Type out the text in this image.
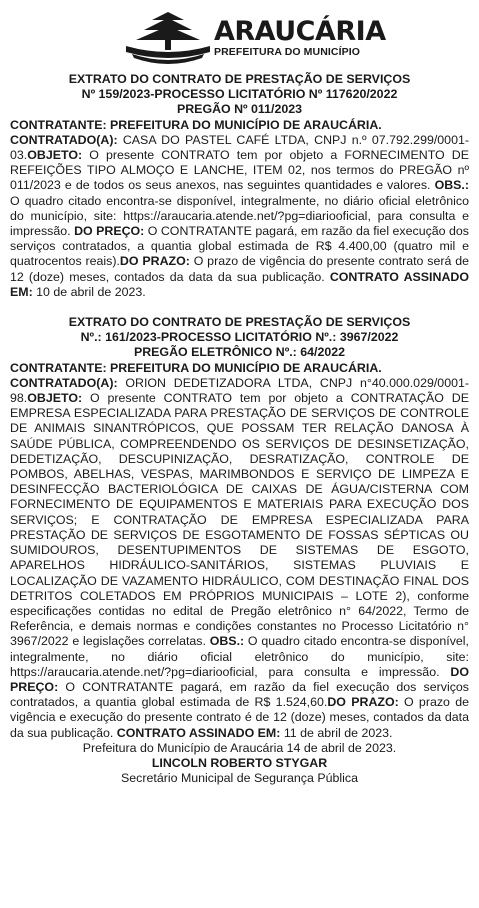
ARAUCÁRIA
PREFEITURA DO MUNICÍPIO

EXTRATO DO CONTRATO DE PRESTAÇÃO DE SERVIÇOS

Nº 159/2023-PROCESSO LICITATÓRIO Nº 117620/2022

PREGÃO Nº 011/2023

CONTRATANTE: PREFEITURA DO MUNICÍPIO DE ARAUCÁRIA.

CONTRATADO(A): CASA DO PASTEL CAFÉ LTDA, CNPJ n.º 07.792.299/0001-03.OBJETO: O presente CONTRATO tem por objeto a FORNECIMENTO DE REFEIÇÕES TIPO ALMOÇO E LANCHE, ITEM 02, nos termos do PREGÃO nº 011/2023 e de todos os seus anexos, nas seguintes quantidades e valores. OBS.: O quadro citado encontra-se disponível, integralmente, no diário oficial eletrônico do município, site: https://araucaria.atende.net/?pg=diariooficial, para consulta e impressão. DO PREÇO: O CONTRATANTE pagará, em razão da fiel execução dos serviços contratados, a quantia global estimada de R$ 4.400,00 (quatro mil e quatrocentos reais).DO PRAZO: O prazo de vigência do presente contrato será de 12 (doze) meses, contados da data da sua publicação. CONTRATO ASSINADO EM: 10 de abril de 2023.

EXTRATO DO CONTRATO DE PRESTAÇÃO DE SERVIÇOS

Nº.: 161/2023-PROCESSO LICITATÓRIO Nº.: 3967/2022

PREGÃO ELETRÔNICO Nº.: 64/2022

CONTRATANTE: PREFEITURA DO MUNICÍPIO DE ARAUCÁRIA.

CONTRATADO(A): ORION DEDETIZADORA LTDA, CNPJ n°40.000.029/0001-98.OBJETO: O presente CONTRATO tem por objeto a CONTRATAÇÃO DE EMPRESA ESPECIALIZADA PARA PRESTAÇÃO DE SERVIÇOS DE CONTROLE DE ANIMAIS SINANTRÓPICOS, QUE POSSAM TER RELAÇÃO DANOSA À SAÚDE PÚBLICA, COMPREENDENDO OS SERVIÇOS DE DESINSETIZAÇÃO, DEDETIZAÇÃO, DESCUPINIZAÇÃO, DESRATIZAÇÃO, CONTROLE DE POMBOS, ABELHAS, VESPAS, MARIMBONDOS E SERVIÇO DE LIMPEZA E DESINFECÇÃO BACTERIOLÓGICA DE CAIXAS DE ÁGUA/CISTERNA COM FORNECIMENTO DE EQUIPAMENTOS E MATERIAIS PARA EXECUÇÃO DOS SERVIÇOS; E CONTRATAÇÃO DE EMPRESA ESPECIALIZADA PARA PRESTAÇÃO DE SERVIÇOS DE ESGOTAMENTO DE FOSSAS SÉPTICAS OU SUMIDOUROS, DESENTUPIMENTOS DE SISTEMAS DE ESGOTO, APARELHOS HIDRÁULICO-SANITÁRIOS, SISTEMAS PLUVIAIS E LOCALIZAÇÃO DE VAZAMENTO HIDRÁULICO, COM DESTINAÇÃO FINAL DOS DETRITOS COLETADOS EM PRÓPRIOS MUNICIPAIS – LOTE 2), conforme especificações contidas no edital de Pregão eletrônico n° 64/2022, Termo de Referência, e demais normas e condições constantes no Processo Licitatório n° 3967/2022 e legislações correlatas. OBS.: O quadro citado encontra-se disponível, integralmente, no diário oficial eletrônico do município, site: https://araucaria.atende.net/?pg=diariooficial, para consulta e impressão. DO PREÇO: O CONTRATANTE pagará, em razão da fiel execução dos serviços contratados, a quantia global estimada de R$ 1.524,60.DO PRAZO: O prazo de vigência e execução do presente contrato é de 12 (doze) meses, contados da data da sua publicação. CONTRATO ASSINADO EM: 11 de abril de 2023.

Prefeitura do Município de Araucária 14 de abril de 2023.

LINCOLN ROBERTO STYGAR

Secretário Municipal de Segurança Pública
